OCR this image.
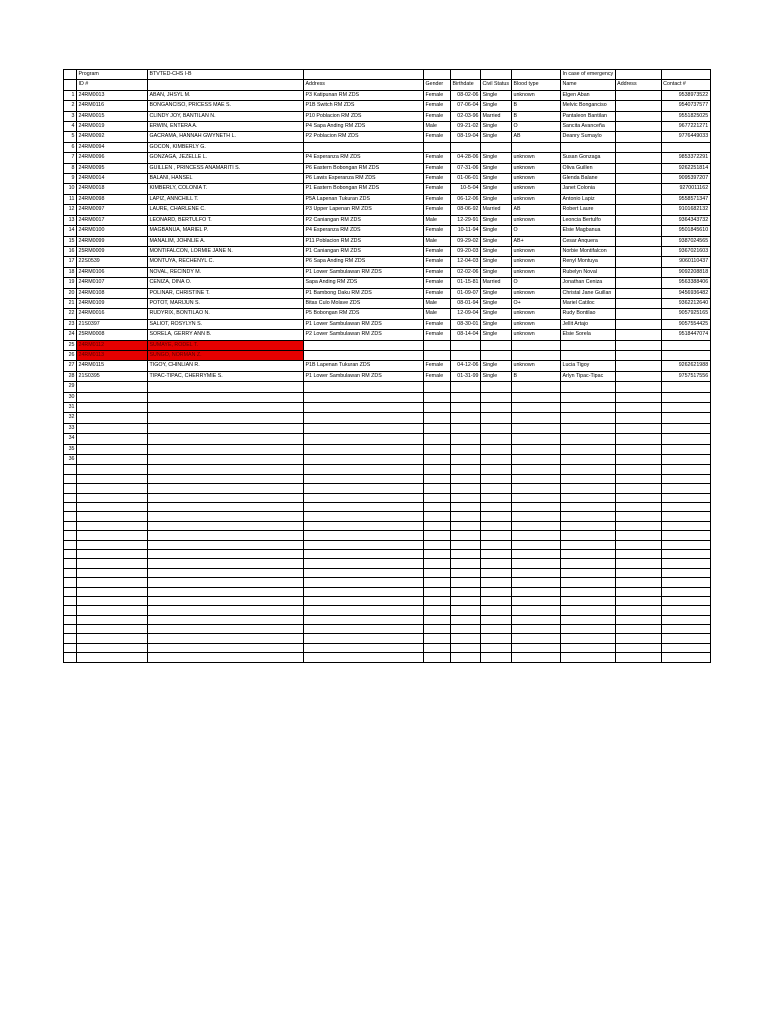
	Program	BTVTED-CHS I-B						In case of emergency		
	ID #		Address	Gender	Birthdate	Civil Status	Blood type	Name	Address	Contact #
1	24RM0013	ABAN, JHSYL M.	P3 Katipunan RM ZDS	Female	08-02-06	Single	unknown	Elgen Aban		9538973522
2	24RM0116	BONGANCISO, PRICESS MAE S.	P1B Switch RM ZDS	Female	07-06-04	Single	B	Melvic Bonganciso		9540737577
3	24RM0015	CLINDY JOY, BANTILAN N.	P10 Poblacion RM ZDS	Female	02-03-96	Married	B	Pantaleon Bantilan		9551825025
4	24RM0019	ERWIN, ENTERA A.	P4 Sapa Anding RM ZDS	Male	09-21-02	Single	O	Sancita Avanceña		9677221271
5	24RM0092	GACRAMA, HANNAH GWYNETH L.	P2 Poblacion RM ZDS	Female	08-19-04	Single	AB	Deanry Sumaylo		9776449033
6	24RM0094	GOCON, KIMBERLY G.								
7	24RM0096	GONZAGA, JEZELLE L.	P4 Esperanza RM ZDS	Female	04-28-06	Single	unknown	Susan Gonzaga		9853372291
8	24RM0095	GUILLEN , PRINCESS ANAMARITI S.	P6 Eastern Bobongan RM ZDS	Female	07-31-06	Single	unknown	Oliva Guillen		9262251814
9	24RM0014	BALANI, HANSEL	P6 Lawis Esperanza RM ZDS	Female	01-06-01	Single	unknown	Glenda Balane		9095397207
10	24RM0018	KIMBERLY, COLONIA T.	P1 Eastern Bobongan RM ZDS	Female	10-5-04	Single	unknown	Janet Colonia		9270011162
11	24RM0098	LAPIZ, ANNCHILL T.	P5A Lapenan Tukuran ZDS	Female	06-12-06	Single	unknown	Antonio Lapiz		9558571347
12	24RM0097	LAURE, CHARLENE C.	P3 Upper Lapenan RM ZDS	Female	08-06-92	Married	AB	Robert Laure		9101682132
13	24RM0017	LEONARD, BERTULFO T.	P2 Caniangan RM ZDS	Male	12-29-91	Single	unknown	Leoncia Bertulfo		9364343732
14	24RM0100	MAGBANUA, MARIEL P.	P4 Esperanza RM ZDS	Female	10-11-94	Single	O	Elsie Magbanua		9501845610
15	24RM0099	MANALIM, JOHNLIE A.	P11 Poblacion RM ZDS	Male	09-29-02	Single	AB+	Cesar Anquera		9387024565
16	25RM0009	MONTIFALCON, LORMIE JANE N.	P1 Caniangan RM ZDS	Female	09-20-03	Single	unknown	Norbie Montifalcon		9367021603
17	22S0539	MONTUYA, RECHENYL C.	P6 Sapa Anding RM ZDS	Female	12-04-03	Single	unknown	Renyl Montuya		9060110437
18	24RM0106	NOVAL, RECINDY M.	P1 Lower Sambulawan RM ZDS	Female	02-02-06	Single	unknown	Rubelyn Noval		9092208818
19	24RM0107	CENIZA, DINA O.	Sapa Anding RM ZDS	Female	01-15-81	Married	O	Jonathan Ceniza		9563388406
20	24RM0108	POLINAR, CHRISTINE T.	P1 Bambong Daku RM ZDS	Female	01-09-07	Single	unknown	Christal Jane Guillan		9456936482
21	24RM0109	POTOT, MARIJUN S.	Bitas Culo Molave ZDS	Male	08-01-94	Single	O+	Mariel Catiloc		9362212640
22	24RM0016	RUDYRIX, BONTILAO N.	P5 Bobongan RM ZDS	Male	12-09-04	Single	unknown	Rudy Bontilao		9057925165
23	21S0397	SALIOT, ROSYLYN S.	P1 Lower Sambulawan RM ZDS	Female	08-30-01	Single	unknown	Jellit Artajo		9057554425
24	25RM0008	SORELA, GERRY ANN B.	P2 Lower Sambulawan RM ZDS	Female	08-14-04	Single	unknown	Elsie Sorela		9518447074
25	24RM0112	SUMAYE, RODEL T.								
26	24RM0113	SUNGO, NORMAN Z.								
27	24RM0115	TIGOY, CHINLIAN R.	P1B Lapenan Tukuran ZDS	Female	04-12-06	Single	unknown	Lucia Tigoy		9262621988
28	21S0395	TIPAC-TIPAC, CHERRYMIE S.	P1 Lower Sambulawan RM ZDS	Female	01-31-99	Single	B	Arlyn Tipac-Tipac		9757517556
29										
30										
31										
32										
33										
34										
35										
36										
